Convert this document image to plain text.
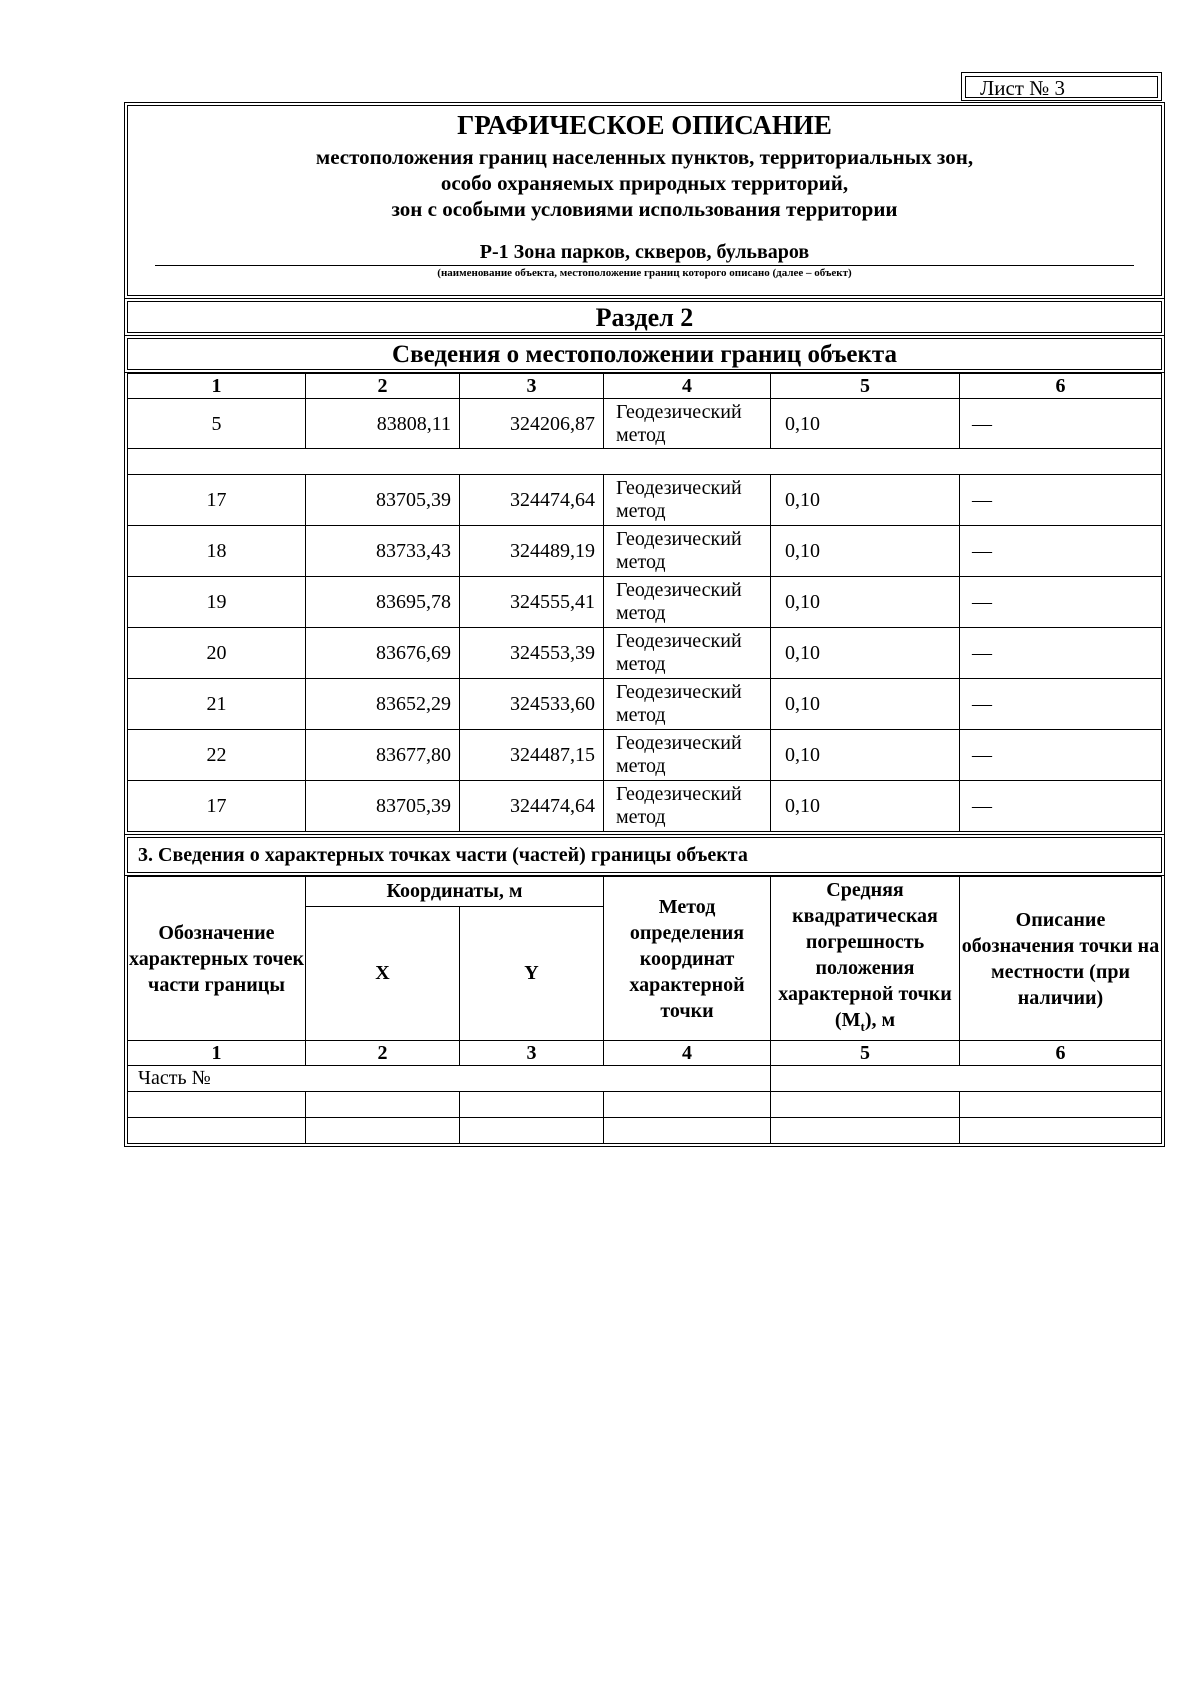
Лист № 3
ГРАФИЧЕСКОЕ ОПИСАНИЕ
местоположения границ населенных пунктов, территориальных зон,
особо охраняемых природных территорий,
зон с особыми условиями использования территории
Р-1 Зона парков, скверов, бульваров
(наименование объекта, местоположение границ которого описано (далее – объект)
Раздел 2
Сведения о местоположении границ объекта
1	2	3	4	5	6
5	83808,11	324206,87	Геодезический метод	0,10	—

17	83705,39	324474,64	Геодезический метод	0,10	—
18	83733,43	324489,19	Геодезический метод	0,10	—
19	83695,78	324555,41	Геодезический метод	0,10	—
20	83676,69	324553,39	Геодезический метод	0,10	—
21	83652,29	324533,60	Геодезический метод	0,10	—
22	83677,80	324487,15	Геодезический метод	0,10	—
17	83705,39	324474,64	Геодезический метод	0,10	—
3. Сведения о характерных точках части (частей) границы объекта
Обозначение характерных точек части границы	Координаты, м		Метод определения координат характерной точки	Средняя квадратическая погрешность положения характерной точки $(M_t)$, м	Описание обозначения точки на местности (при наличии)
	X	Y			
1	2	3	4	5	6
Часть №					
